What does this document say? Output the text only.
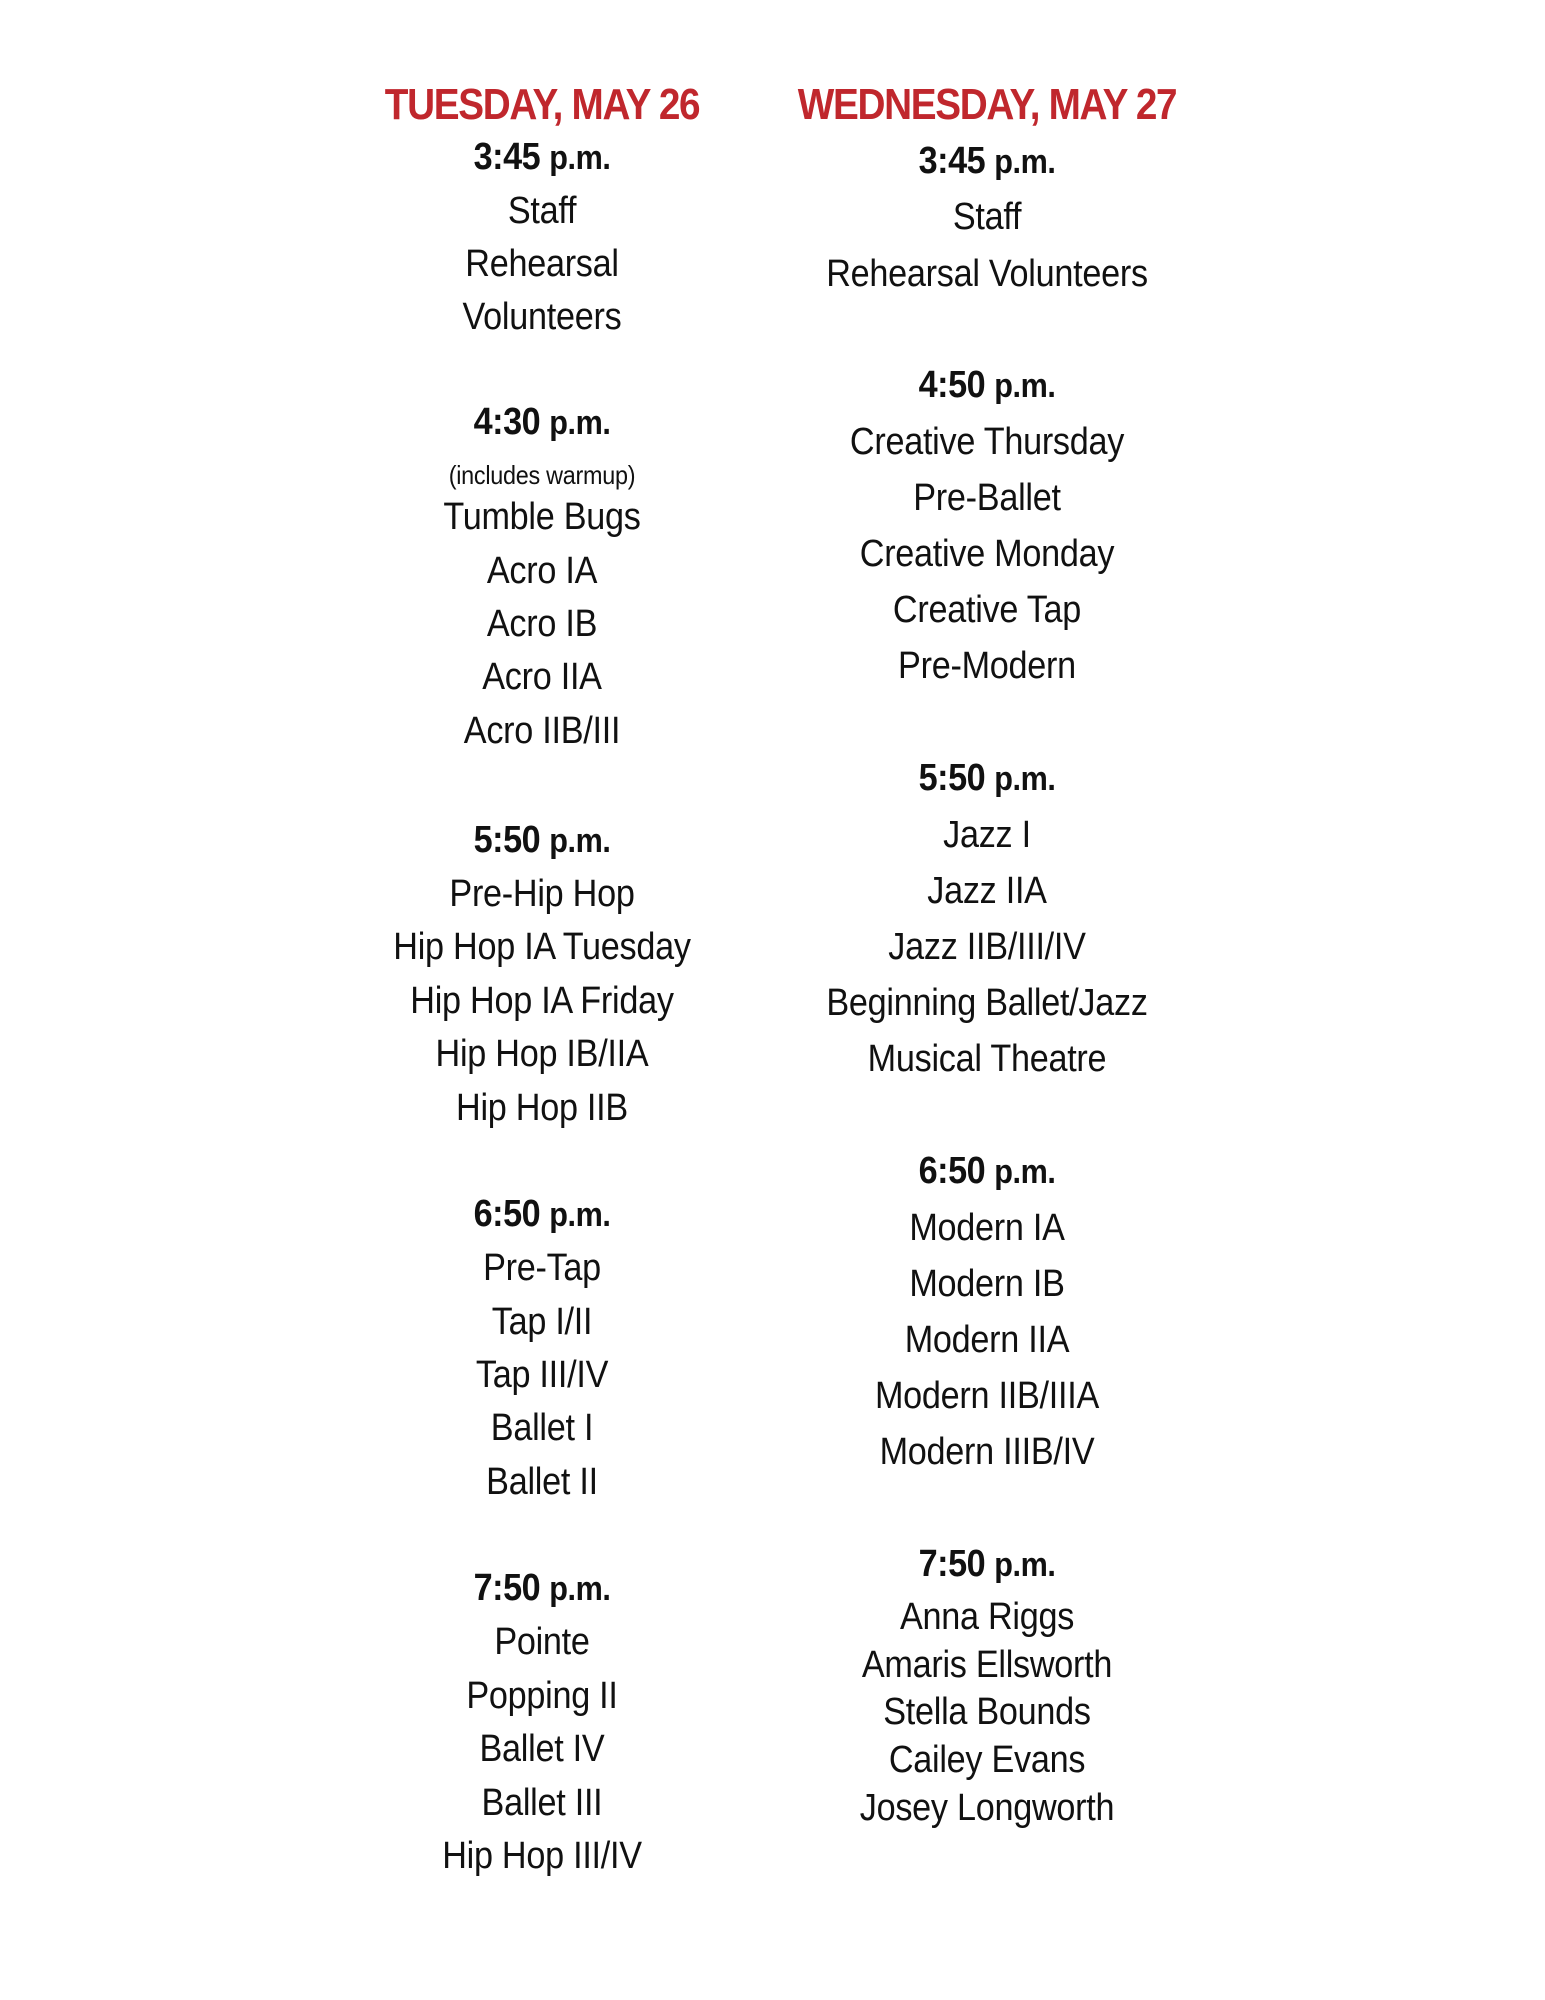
TUESDAY, MAY 26	WEDNESDAY, MAY 27
3:45 p.m.
Staff
Rehearsal
Volunteers
4:30 p.m.
(includes warmup)
Tumble Bugs
Acro IA
Acro IB
Acro IIA
Acro IIB/III
5:50 p.m.
Pre-Hip Hop
Hip Hop IA Tuesday
Hip Hop IA Friday
Hip Hop IB/IIA
Hip Hop IIB
6:50 p.m.
Pre-Tap
Tap I/II
Tap III/IV
Ballet I
Ballet II
7:50 p.m.
Pointe
Popping II
Ballet IV
Ballet III
Hip Hop III/IV
3:45 p.m.
Staff
Rehearsal Volunteers
4:50 p.m.
Creative Thursday
Pre-Ballet
Creative Monday
Creative Tap
Pre-Modern
5:50 p.m.
Jazz I
Jazz IIA
Jazz IIB/III/IV
Beginning Ballet/Jazz
Musical Theatre
6:50 p.m.
Modern IA
Modern IB
Modern IIA
Modern IIB/IIIA
Modern IIIB/IV
7:50 p.m.
Anna Riggs
Amaris Ellsworth
Stella Bounds
Cailey Evans
Josey Longworth
